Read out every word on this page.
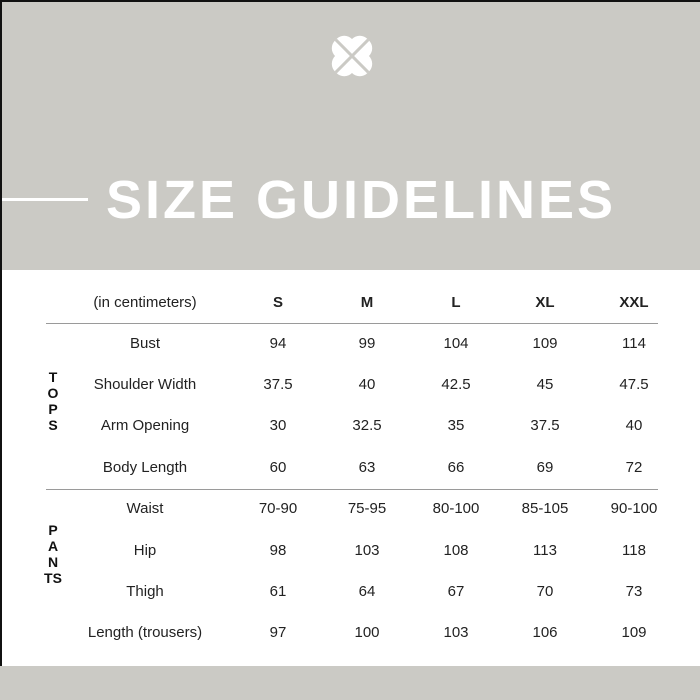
SIZE GUIDELINES
(in centimeters)	S	M	L	XL	XXL
TOPS
Bust	94	99	104	109	114
Shoulder Width	37.5	40	42.5	45	47.5
Arm Opening	30	32.5	35	37.5	40
Body Length	60	63	66	69	72
PANTS
Waist	70-90	75-95	80-100	85-105	90-100
Hip	98	103	108	113	118
Thigh	61	64	67	70	73
Length (trousers)	97	100	103	106	109
